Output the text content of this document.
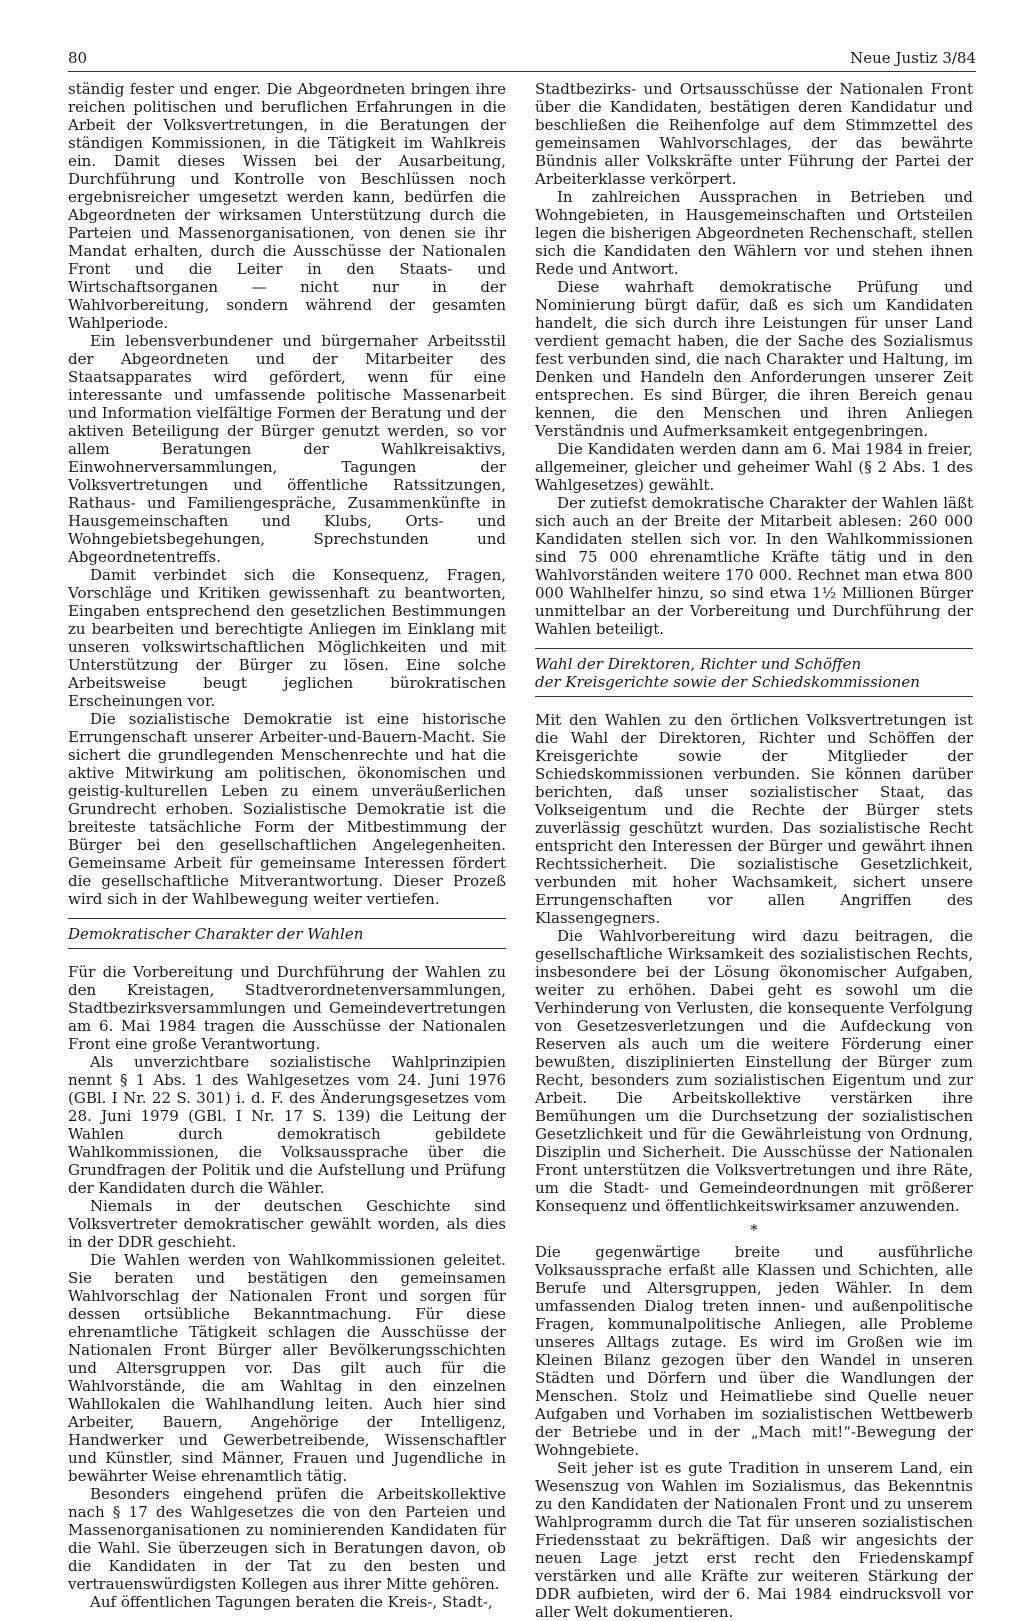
80	Neue Justiz 3/84

ständig fester und enger. Die Abgeordneten bringen ihre reichen politischen und beruflichen Erfahrungen in die Arbeit der Volksvertretungen, in die Beratungen der ständigen Kommissionen, in die Tätigkeit im Wahlkreis ein. Damit dieses Wissen bei der Ausarbeitung, Durchführung und Kontrolle von Beschlüssen noch ergebnisreicher umgesetzt werden kann, bedürfen die Abgeordneten der wirksamen Unterstützung durch die Parteien und Massenorganisationen, von denen sie ihr Mandat erhalten, durch die Ausschüsse der Nationalen Front und die Leiter in den Staats- und Wirtschaftsorganen — nicht nur in der Wahlvorbereitung, sondern während der gesamten Wahlperiode.

Ein lebensverbundener und bürgernaher Arbeitsstil der Abgeordneten und der Mitarbeiter des Staatsapparates wird gefördert, wenn für eine interessante und umfassende politische Massenarbeit und Information vielfältige Formen der Beratung und der aktiven Beteiligung der Bürger genutzt werden, so vor allem Beratungen der Wahlkreisaktivs, Einwohnerversammlungen, Tagungen der Volksvertretungen und öffentliche Ratssitzungen, Rathaus- und Familiengespräche, Zusammenkünfte in Hausgemeinschaften und Klubs, Orts- und Wohngebietsbegehungen, Sprechstunden und Abgeordnetentreffs.

Damit verbindet sich die Konsequenz, Fragen, Vorschläge und Kritiken gewissenhaft zu beantworten, Eingaben entsprechend den gesetzlichen Bestimmungen zu bearbeiten und berechtigte Anliegen im Einklang mit unseren volkswirtschaftlichen Möglichkeiten und mit Unterstützung der Bürger zu lösen. Eine solche Arbeitsweise beugt jeglichen bürokratischen Erscheinungen vor.

Die sozialistische Demokratie ist eine historische Errungenschaft unserer Arbeiter-und-Bauern-Macht. Sie sichert die grundlegenden Menschenrechte und hat die aktive Mitwirkung am politischen, ökonomischen und geistig-kulturellen Leben zu einem unveräußerlichen Grundrecht erhoben. Sozialistische Demokratie ist die breiteste tatsächliche Form der Mitbestimmung der Bürger bei den gesellschaftlichen Angelegenheiten. Gemeinsame Arbeit für gemeinsame Interessen fördert die gesellschaftliche Mitverantwortung. Dieser Prozeß wird sich in der Wahlbewegung weiter vertiefen.

Demokratischer Charakter der Wahlen

Für die Vorbereitung und Durchführung der Wahlen zu den Kreistagen, Stadtverordnetenversammlungen, Stadtbezirksversammlungen und Gemeindevertretungen am 6. Mai 1984 tragen die Ausschüsse der Nationalen Front eine große Verantwortung.

Als unverzichtbare sozialistische Wahlprinzipien nennt § 1 Abs. 1 des Wahlgesetzes vom 24. Juni 1976 (GBl. I Nr. 22 S. 301) i. d. F. des Änderungsgesetzes vom 28. Juni 1979 (GBl. I Nr. 17 S. 139) die Leitung der Wahlen durch demokratisch gebildete Wahlkommissionen, die Volksaussprache über die Grundfragen der Politik und die Aufstellung und Prüfung der Kandidaten durch die Wähler.

Niemals in der deutschen Geschichte sind Volksvertreter demokratischer gewählt worden, als dies in der DDR geschieht.

Die Wahlen werden von Wahlkommissionen geleitet. Sie beraten und bestätigen den gemeinsamen Wahlvorschlag der Nationalen Front und sorgen für dessen ortsübliche Bekanntmachung. Für diese ehrenamtliche Tätigkeit schlagen die Ausschüsse der Nationalen Front Bürger aller Bevölkerungsschichten und Altersgruppen vor. Das gilt auch für die Wahlvorstände, die am Wahltag in den einzelnen Wahllokalen die Wahlhandlung leiten. Auch hier sind Arbeiter, Bauern, Angehörige der Intelligenz, Handwerker und Gewerbetreibende, Wissenschaftler und Künstler, sind Männer, Frauen und Jugendliche in bewährter Weise ehrenamtlich tätig.

Besonders eingehend prüfen die Arbeitskollektive nach § 17 des Wahlgesetzes die von den Parteien und Massenorganisationen zu nominierenden Kandidaten für die Wahl. Sie überzeugen sich in Beratungen davon, ob die Kandidaten in der Tat zu den besten und vertrauenswürdigsten Kollegen aus ihrer Mitte gehören.

Auf öffentlichen Tagungen beraten die Kreis-, Stadt-,

Stadtbezirks- und Ortsausschüsse der Nationalen Front über die Kandidaten, bestätigen deren Kandidatur und beschließen die Reihenfolge auf dem Stimmzettel des gemeinsamen Wahlvorschlages, der das bewährte Bündnis aller Volkskräfte unter Führung der Partei der Arbeiterklasse verkörpert.

In zahlreichen Aussprachen in Betrieben und Wohngebieten, in Hausgemeinschaften und Ortsteilen legen die bisherigen Abgeordneten Rechenschaft, stellen sich die Kandidaten den Wählern vor und stehen ihnen Rede und Antwort.

Diese wahrhaft demokratische Prüfung und Nominierung bürgt dafür, daß es sich um Kandidaten handelt, die sich durch ihre Leistungen für unser Land verdient gemacht haben, die der Sache des Sozialismus fest verbunden sind, die nach Charakter und Haltung, im Denken und Handeln den Anforderungen unserer Zeit entsprechen. Es sind Bürger, die ihren Bereich genau kennen, die den Menschen und ihren Anliegen Verständnis und Aufmerksamkeit entgegenbringen.

Die Kandidaten werden dann am 6. Mai 1984 in freier, allgemeiner, gleicher und geheimer Wahl (§ 2 Abs. 1 des Wahlgesetzes) gewählt.

Der zutiefst demokratische Charakter der Wahlen läßt sich auch an der Breite der Mitarbeit ablesen: 260 000 Kandidaten stellen sich vor. In den Wahlkommissionen sind 75 000 ehrenamtliche Kräfte tätig und in den Wahlvorständen weitere 170 000. Rechnet man etwa 800 000 Wahlhelfer hinzu, so sind etwa 1½ Millionen Bürger unmittelbar an der Vorbereitung und Durchführung der Wahlen beteiligt.

Wahl der Direktoren, Richter und Schöffen
der Kreisgerichte sowie der Schiedskommissionen

Mit den Wahlen zu den örtlichen Volksvertretungen ist die Wahl der Direktoren, Richter und Schöffen der Kreisgerichte sowie der Mitglieder der Schiedskommissionen verbunden. Sie können darüber berichten, daß unser sozialistischer Staat, das Volkseigentum und die Rechte der Bürger stets zuverlässig geschützt wurden. Das sozialistische Recht entspricht den Interessen der Bürger und gewährt ihnen Rechtssicherheit. Die sozialistische Gesetzlichkeit, verbunden mit hoher Wachsamkeit, sichert unsere Errungenschaften vor allen Angriffen des Klassengegners.

Die Wahlvorbereitung wird dazu beitragen, die gesellschaftliche Wirksamkeit des sozialistischen Rechts, insbesondere bei der Lösung ökonomischer Aufgaben, weiter zu erhöhen. Dabei geht es sowohl um die Verhinderung von Verlusten, die konsequente Verfolgung von Gesetzesverletzungen und die Aufdeckung von Reserven als auch um die weitere Förderung einer bewußten, disziplinierten Einstellung der Bürger zum Recht, besonders zum sozialistischen Eigentum und zur Arbeit. Die Arbeitskollektive verstärken ihre Bemühungen um die Durchsetzung der sozialistischen Gesetzlichkeit und für die Gewährleistung von Ordnung, Disziplin und Sicherheit. Die Ausschüsse der Nationalen Front unterstützen die Volksvertretungen und ihre Räte, um die Stadt- und Gemeindeordnungen mit größerer Konsequenz und öffentlichkeitswirksamer anzuwenden.

*

Die gegenwärtige breite und ausführliche Volksaussprache erfaßt alle Klassen und Schichten, alle Berufe und Altersgruppen, jeden Wähler. In dem umfassenden Dialog treten innen- und außenpolitische Fragen, kommunalpolitische Anliegen, alle Probleme unseres Alltags zutage. Es wird im Großen wie im Kleinen Bilanz gezogen über den Wandel in unseren Städten und Dörfern und über die Wandlungen der Menschen. Stolz und Heimatliebe sind Quelle neuer Aufgaben und Vorhaben im sozialistischen Wettbewerb der Betriebe und in der „Mach mit!“-Bewegung der Wohngebiete.

Seit jeher ist es gute Tradition in unserem Land, ein Wesenszug von Wahlen im Sozialismus, das Bekenntnis zu den Kandidaten der Nationalen Front und zu unserem Wahlprogramm durch die Tat für unseren sozialistischen Friedensstaat zu bekräftigen. Daß wir angesichts der neuen Lage jetzt erst recht den Friedenskampf verstärken und alle Kräfte zur weiteren Stärkung der DDR aufbieten, wird der 6. Mai 1984 eindrucksvoll vor aller Welt dokumentieren.
